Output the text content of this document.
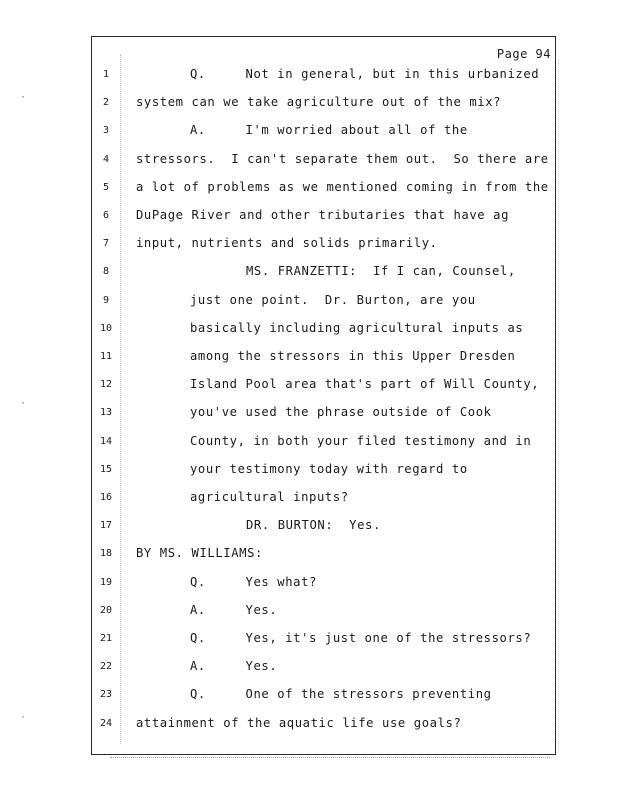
Page 94
1	Q.     Not in general, but in this urbanized
2	system can we take agriculture out of the mix?
3	A.     I'm worried about all of the
4	stressors.  I can't separate them out.  So there are
5	a lot of problems as we mentioned coming in from the
6	DuPage River and other tributaries that have ag
7	input, nutrients and solids primarily.
8	MS. FRANZETTI:  If I can, Counsel,
9	just one point.  Dr. Burton, are you
10	basically including agricultural inputs as
11	among the stressors in this Upper Dresden
12	Island Pool area that's part of Will County,
13	you've used the phrase outside of Cook
14	County, in both your filed testimony and in
15	your testimony today with regard to
16	agricultural inputs?
17	DR. BURTON:  Yes.
18	BY MS. WILLIAMS:
19	Q.     Yes what?
20	A.     Yes.
21	Q.     Yes, it's just one of the stressors?
22	A.     Yes.
23	Q.     One of the stressors preventing
24	attainment of the aquatic life use goals?
·
·
·
